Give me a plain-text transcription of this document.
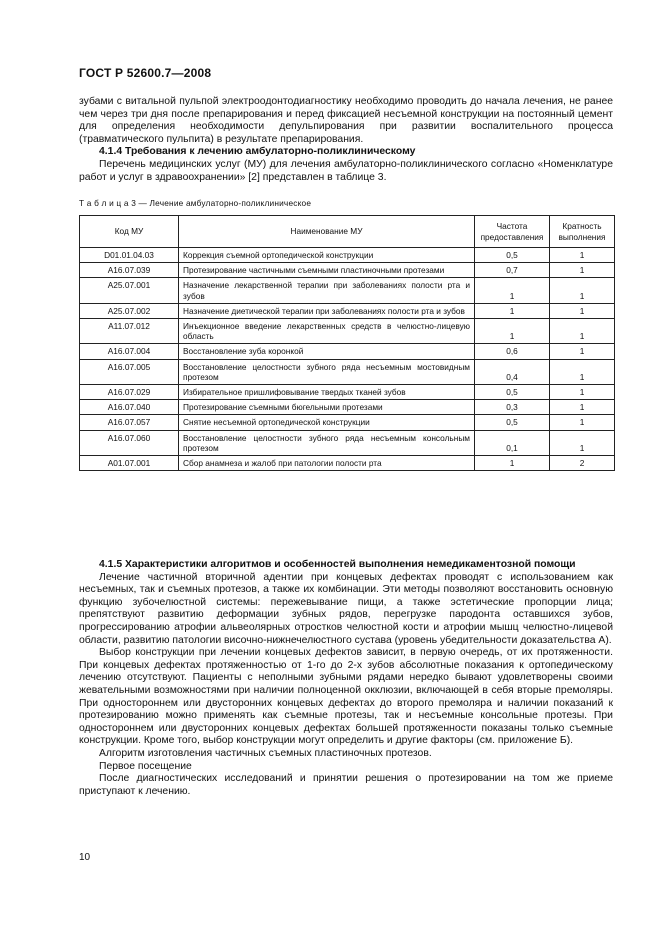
ГОСТ Р 52600.7—2008

зубами с витальной пульпой электроодонтодиагностику необходимо проводить до начала лечения, не ранее чем через три дня после препарирования и перед фиксацией несъемной конструкции на постоянный цемент для определения необходимости депульпирования при развитии воспалительного процесса (травматического пульпита) в результате препарирования.

4.1.4 Требования к лечению амбулаторно-поликлиническому

Перечень медицинских услуг (МУ) для лечения амбулаторно-поликлинического согласно «Номенклатуре работ и услуг в здравоохранении» [2] представлен в таблице 3.

Т а б л и ц а 3 — Лечение амбулаторно-поликлиническое
Код МУ	Наименование МУ	Частота предоставления	Кратность выполнения
D01.01.04.03	Коррекция съемной ортопедической конструкции	0,5	1
A16.07.039	Протезирование частичными съемными пластиночными протезами	0,7	1
A25.07.001	Назначение лекарственной терапии при заболеваниях полости рта и зубов	1	1
A25.07.002	Назначение диетической терапии при заболеваниях полости рта и зубов	1	1
A11.07.012	Инъекционное введение лекарственных средств в челюстно-лицевую область	1	1
A16.07.004	Восстановление зуба коронкой	0,6	1
A16.07.005	Восстановление целостности зубного ряда несъемным мостовидным протезом	0,4	1
A16.07.029	Избирательное пришлифовывание твердых тканей зубов	0,5	1
A16.07.040	Протезирование съемными бюгельными протезами	0,3	1
A16.07.057	Снятие несъемной ортопедической конструкции	0,5	1
A16.07.060	Восстановление целостности зубного ряда несъемным консольным протезом	0,1	1
A01.07.001	Сбор анамнеза и жалоб при патологии полости рта	1	2

4.1.5 Характеристики алгоритмов и особенностей выполнения немедикаментозной помощи

Лечение частичной вторичной адентии при концевых дефектах проводят с использованием как несъемных, так и съемных протезов, а также их комбинации. Эти методы позволяют восстановить основную функцию зубочелюстной системы: пережевывание пищи, а также эстетические пропорции лица; препятствуют развитию деформации зубных рядов, перегрузке пародонта оставшихся зубов, прогрессированию атрофии альвеолярных отростков челюстной кости и атрофии мышц челюстно-лицевой области, развитию патологии височно-нижнечелюстного сустава (уровень убедительности доказательства А).

Выбор конструкции при лечении концевых дефектов зависит, в первую очередь, от их протяженности. При концевых дефектах протяженностью от 1-го до 2-х зубов абсолютные показания к ортопедическому лечению отсутствуют. Пациенты с неполными зубными рядами нередко бывают удовлетворены своими жевательными возможностями при наличии полноценной окклюзии, включающей в себя вторые премоляры. При одностороннем или двусторонних концевых дефектах до второго премоляра и наличии показаний к протезированию можно применять как съемные протезы, так и несъемные консольные протезы. При одностороннем или двусторонних концевых дефектах большей протяженности показаны только съемные конструкции. Кроме того, выбор конструкции могут определить и другие факторы (см. приложение Б).

Алгоритм изготовления частичных съемных пластиночных протезов.

Первое посещение

После диагностических исследований и принятии решения о протезировании на том же приеме приступают к лечению.

10
